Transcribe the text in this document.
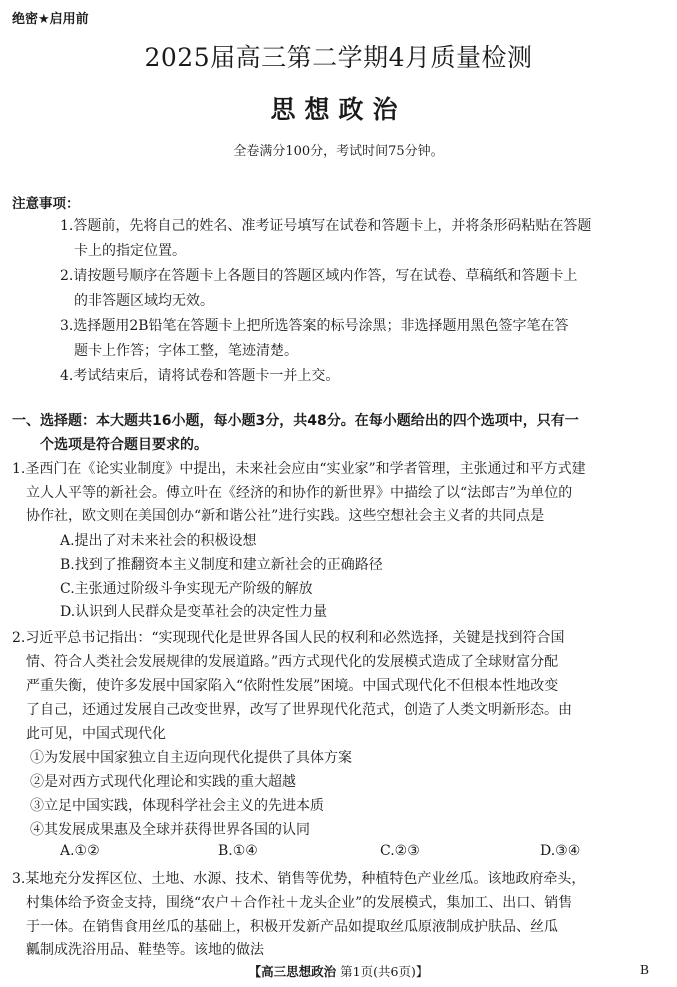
绝密★启用前
2025届高三第二学期4月质量检测
思想政治
全卷满分100分，考试时间75分钟。
注意事项：
1.答题前，先将自己的姓名、准考证号填写在试卷和答题卡上，并将条形码粘贴在答题
卡上的指定位置。
2.请按题号顺序在答题卡上各题目的答题区域内作答，写在试卷、草稿纸和答题卡上
的非答题区域均无效。
3.选择题用2B铅笔在答题卡上把所选答案的标号涂黑；非选择题用黑色签字笔在答
题卡上作答；字体工整，笔迹清楚。
4.考试结束后，请将试卷和答题卡一并上交。
一、选择题：本大题共16小题，每小题3分，共48分。在每小题给出的四个选项中，只有一
个选项是符合题目要求的。
1.圣西门在《论实业制度》中提出，未来社会应由“实业家”和学者管理，主张通过和平方式建
立人人平等的新社会。傅立叶在《经济的和协作的新世界》中描绘了以“法郎吉”为单位的
协作社，欧文则在美国创办“新和谐公社”进行实践。这些空想社会主义者的共同点是
A.提出了对未来社会的积极设想
B.找到了推翻资本主义制度和建立新社会的正确路径
C.主张通过阶级斗争实现无产阶级的解放
D.认识到人民群众是变革社会的决定性力量
2.习近平总书记指出：“实现现代化是世界各国人民的权利和必然选择，关键是找到符合国
情、符合人类社会发展规律的发展道路。”西方式现代化的发展模式造成了全球财富分配
严重失衡，使许多发展中国家陷入“依附性发展”困境。中国式现代化不但根本性地改变
了自己，还通过发展自己改变世界，改写了世界现代化范式，创造了人类文明新形态。由
此可见，中国式现代化
①为发展中国家独立自主迈向现代化提供了具体方案
②是对西方式现代化理论和实践的重大超越
③立足中国实践，体现科学社会主义的先进本质
④其发展成果惠及全球并获得世界各国的认同
A.①②	B.①④	C.②③	D.③④
3.某地充分发挥区位、土地、水源、技术、销售等优势，种植特色产业丝瓜。该地政府牵头，
村集体给予资金支持，围绕“农户＋合作社＋龙头企业”的发展模式，集加工、出口、销售
于一体。在销售食用丝瓜的基础上，积极开发新产品如提取丝瓜原液制成护肤品、丝瓜
瓤制成洗浴用品、鞋垫等。该地的做法
【高三思想政治 第1页(共6页)】	B
